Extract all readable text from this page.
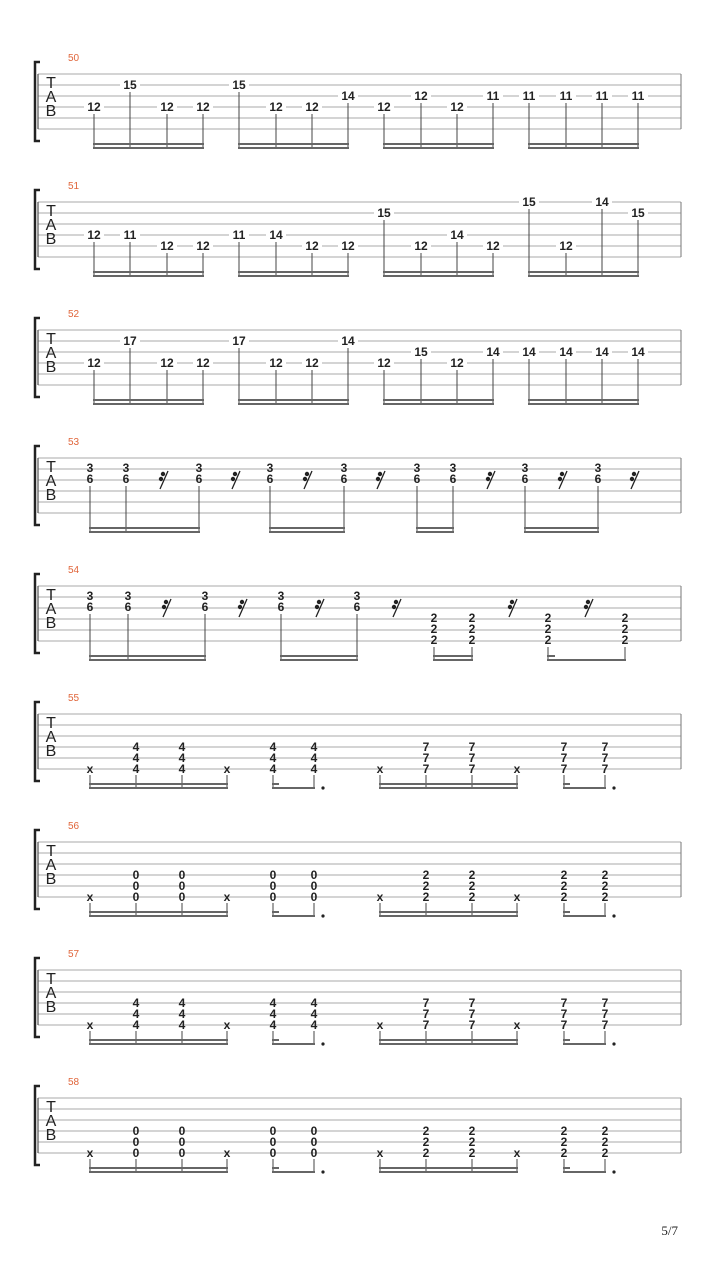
T
A
B
50
12
15
12 12
15
12 12
14
12
12
12
11 11 11 11 11
T
A
B
51
12 11
12 12
11 14
12 12
15
12
14
12
15
12
14
15
T
A
B
52
12
17
12 12
17
12 12
14
12
15
12
14 14 14 14 14
T
A
B
53
3
6
3
6
3
6
3
6
3
6
3
6
3
6
3
6
3
6
T
A
B
54
3
6
3
6
3
6
3
6
3
6
2
2
2
2
2
2
2
2
2
2
2
2
T
A
B
55
x	x	x	x
4
4
4
4
4
4
4
4
4
4
4
4
7
7
7
7
7
7
7
7
7
7
7
7
T
A
B
56
x	x	x	x
0
0
0
0
0
0
0
0
0
0
0
0
2
2
2
2
2
2
2
2
2
2
2
2
T
A
B
57
x	x	x	x
4
4
4
4
4
4
4
4
4
4
4
4
7
7
7
7
7
7
7
7
7
7
7
7
T
A
B
58
x	x	x	x
0
0
0
0
0
0
0
0
0
0
0
0
2
2
2
2
2
2
2
2
2
2
2
2
5/7
